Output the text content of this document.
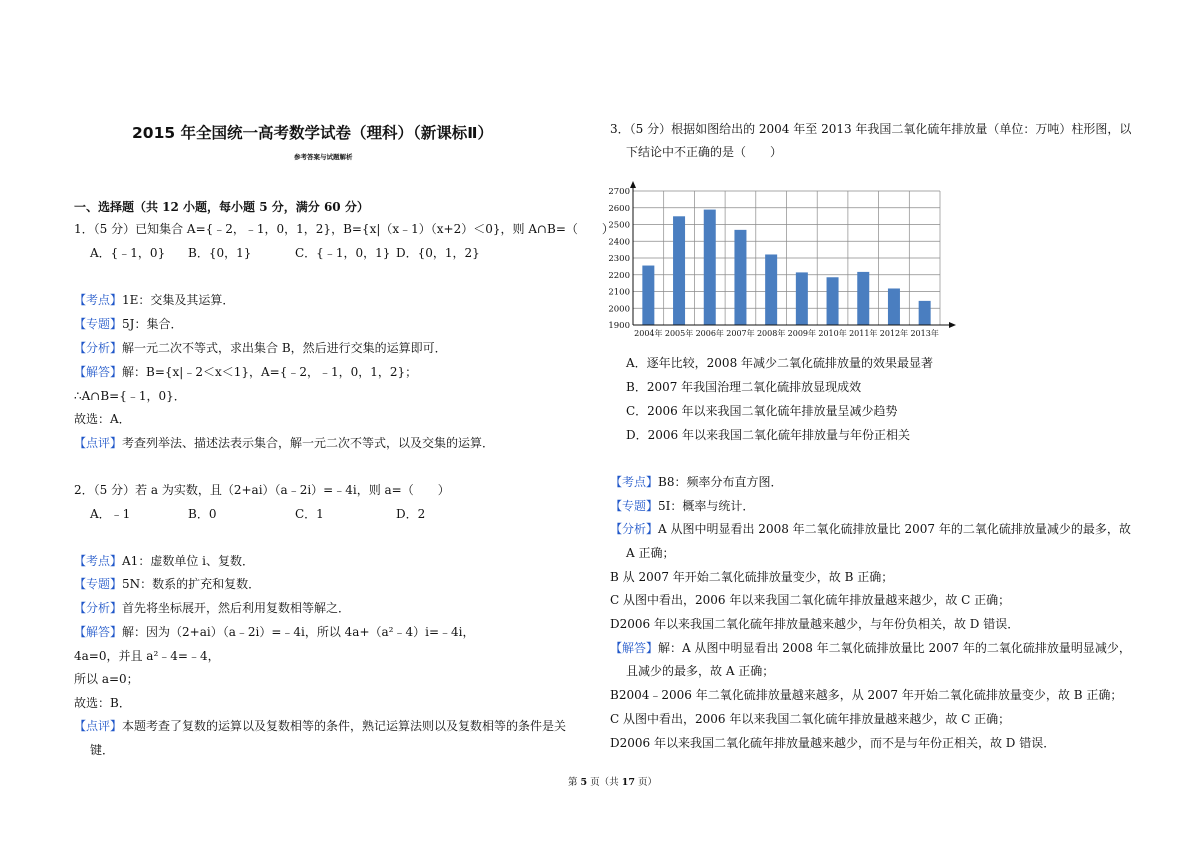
2015 年全国统一高考数学试卷（理科）（新课标Ⅱ）
参考答案与试题解析
一、选择题（共 12 小题，每小题 5 分，满分 60 分）
1．（5 分）已知集合 A={﹣2，﹣1，0，1，2}，B={x|（x﹣1）（x+2）＜0}，则 A∩B=（　　）
A．{﹣1，0} B．{0，1}	C．{﹣1，0，1} D．{0，1，2}
【考点】1E：交集及其运算．
【专题】5J：集合．
【分析】解一元二次不等式，求出集合 B，然后进行交集的运算即可．
【解答】解：B={x|﹣2＜x＜1}，A={﹣2，﹣1，0，1，2}；
∴A∩B={﹣1，0}．
故选：A．
【点评】考查列举法、描述法表示集合，解一元二次不等式，以及交集的运算．
2．（5 分）若 a 为实数，且（2+ai）（a﹣2i）=﹣4i，则 a=（　　）
A．﹣1	B．0	C．1	D．2
【考点】A1：虚数单位 i、复数．
【专题】5N：数系的扩充和复数．
【分析】首先将坐标展开，然后利用复数相等解之．
【解答】解：因为（2+ai）（a﹣2i）=﹣4i，所以 4a+（a²﹣4）i=﹣4i，
4a=0，并且 a²﹣4=﹣4，
所以 a=0；
故选：B．
【点评】本题考查了复数的运算以及复数相等的条件，熟记运算法则以及复数相等的条件是关
键．
3．（5 分）根据如图给出的 2004 年至 2013 年我国二氧化硫年排放量（单位：万吨）柱形图，以
下结论中不正确的是（　　）
1900
2000
2100
2200
2300
2400
2500
2600
2700
2004年 2005年 2006年 2007年 2008年 2009年 2010年 2011年 2012年 2013年
A．逐年比较，2008 年减少二氧化硫排放量的效果最显著
B．2007 年我国治理二氧化硫排放显现成效
C．2006 年以来我国二氧化硫年排放量呈减少趋势
D．2006 年以来我国二氧化硫年排放量与年份正相关
【考点】B8：频率分布直方图．
【专题】5I：概率与统计．
【分析】A 从图中明显看出 2008 年二氧化硫排放量比 2007 年的二氧化硫排放量减少的最多，故
A 正确；
B 从 2007 年开始二氧化硫排放量变少，故 B 正确；
C 从图中看出，2006 年以来我国二氧化硫年排放量越来越少，故 C 正确；
D2006 年以来我国二氧化硫年排放量越来越少，与年份负相关，故 D 错误．
【解答】解：A 从图中明显看出 2008 年二氧化硫排放量比 2007 年的二氧化硫排放量明显减少，
且减少的最多，故 A 正确；
B2004﹣2006 年二氧化硫排放量越来越多，从 2007 年开始二氧化硫排放量变少，故 B 正确；
C 从图中看出，2006 年以来我国二氧化硫年排放量越来越少，故 C 正确；
D2006 年以来我国二氧化硫年排放量越来越少，而不是与年份正相关，故 D 错误．
第 5 页（共 17 页）
